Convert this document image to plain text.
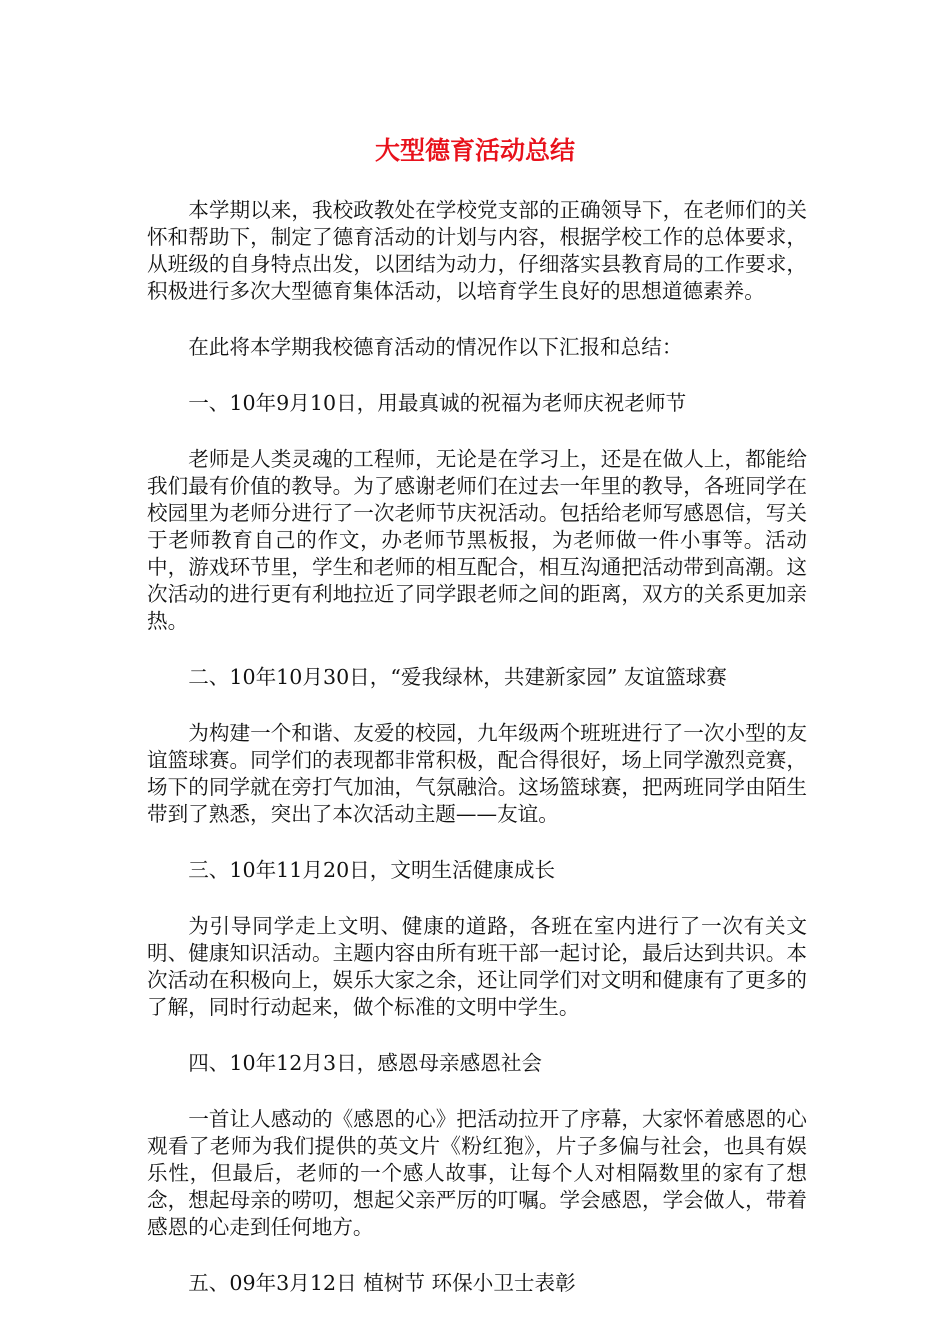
大型德育活动总结

本学期以来，我校政教处在学校党支部的正确领导下，在老师们的关怀和帮助下，制定了德育活动的计划与内容，根据学校工作的总体要求，从班级的自身特点出发，以团结为动力，仔细落实县教育局的工作要求，积极进行多次大型德育集体活动，以培育学生良好的思想道德素养。

在此将本学期我校德育活动的情况作以下汇报和总结：

一、10年9月10日，用最真诚的祝福为老师庆祝老师节

老师是人类灵魂的工程师，无论是在学习上，还是在做人上，都能给我们最有价值的教导。为了感谢老师们在过去一年里的教导，各班同学在校园里为老师分进行了一次老师节庆祝活动。包括给老师写感恩信，写关于老师教育自己的作文，办老师节黑板报，为老师做一件小事等。活动中，游戏环节里，学生和老师的相互配合，相互沟通把活动带到高潮。这次活动的进行更有利地拉近了同学跟老师之间的距离，双方的关系更加亲热。

二、10年10月30日，“爱我绿林，共建新家园” 友谊篮球赛

为构建一个和谐、友爱的校园，九年级两个班班进行了一次小型的友谊篮球赛。同学们的表现都非常积极，配合得很好，场上同学激烈竞赛，场下的同学就在旁打气加油，气氛融洽。这场篮球赛，把两班同学由陌生带到了熟悉，突出了本次活动主题——友谊。

三、10年11月20日，文明生活健康成长

为引导同学走上文明、健康的道路，各班在室内进行了一次有关文明、健康知识活动。主题内容由所有班干部一起讨论，最后达到共识。本次活动在积极向上，娱乐大家之余，还让同学们对文明和健康有了更多的了解，同时行动起来，做个标准的文明中学生。

四、10年12月3日，感恩母亲感恩社会

一首让人感动的《感恩的心》把活动拉开了序幕，大家怀着感恩的心观看了老师为我们提供的英文片《粉红狍》，片子多偏与社会，也具有娱乐性，但最后，老师的一个感人故事，让每个人对相隔数里的家有了想念，想起母亲的唠叨，想起父亲严厉的叮嘱。学会感恩，学会做人，带着感恩的心走到任何地方。

五、09年3月12日 植树节 环保小卫士表彰
